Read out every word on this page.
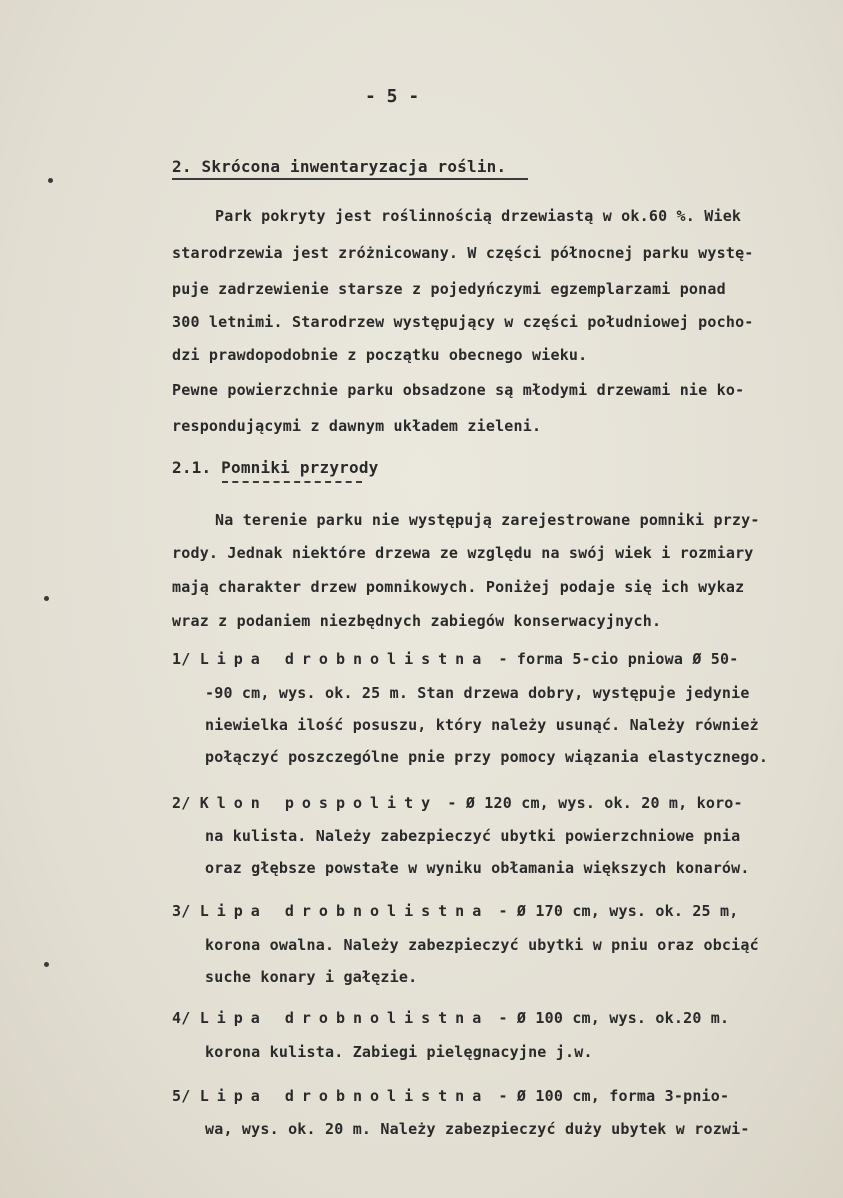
- 5 -
2. Skrócona inwentaryzacja roślin.
Park pokryty jest roślinnością drzewiastą w ok.60 %. Wiek
starodrzewia jest zróżnicowany. W części północnej parku wystę-
puje zadrzewienie starsze z pojedyńczymi egzemplarzami ponad
300 letnimi. Starodrzew występujący w części południowej pocho-
dzi prawdopodobnie z początku obecnego wieku.
Pewne powierzchnie parku obsadzone są młodymi drzewami nie ko-
respondującymi z dawnym układem zieleni.
2.1. Pomniki przyrody
Na terenie parku nie występują zarejestrowane pomniki przy-
rody. Jednak niektóre drzewa ze względu na swój wiek i rozmiary
mają charakter drzew pomnikowych. Poniżej podaje się ich wykaz
wraz z podaniem niezbędnych zabiegów konserwacyjnych.
1/ Lipa drobnolistna - forma 5-cio pniowa Ø 50-
-90 cm, wys. ok. 25 m. Stan drzewa dobry, występuje jedynie
niewielka ilość posuszu, który należy usunąć. Należy również
połączyć poszczególne pnie przy pomocy wiązania elastycznego.
2/ Klon pospolity - Ø 120 cm, wys. ok. 20 m, koro-
na kulista. Należy zabezpieczyć ubytki powierzchniowe pnia
oraz głębsze powstałe w wyniku obłamania większych konarów.
3/ Lipa drobnolistna - Ø 170 cm, wys. ok. 25 m,
korona owalna. Należy zabezpieczyć ubytki w pniu oraz obciąć
suche konary i gałęzie.
4/ Lipa drobnolistna - Ø 100 cm, wys. ok.20 m.
korona kulista. Zabiegi pielęgnacyjne j.w.
5/ Lipa drobnolistna - Ø 100 cm, forma 3-pnio-
wa, wys. ok. 20 m. Należy zabezpieczyć duży ubytek w rozwi-
